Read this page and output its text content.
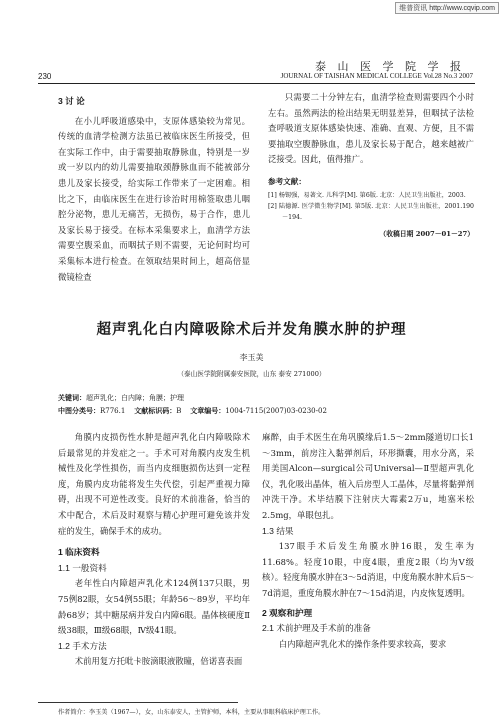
维普资讯 http://www.cqvip.com
泰 山 医 学 院 学 报
JOURNAL OF TAISHAN MEDICAL COLLEGE Vol.28 No.3 2007
230
3 讨 论

在小儿呼吸道感染中，支原体感染较为常见。传统的血清学检测方法虽已被临床医生所接受，但在实际工作中，由于需要抽取静脉血，特别是一岁或一岁以内的幼儿需要抽取颈静脉血而不能被部分患儿及家长接受，给实际工作带来了一定困难。相比之下，由临床医生在进行诊治时用棉签取患儿咽腔分泌物，患儿无痛苦，无损伤，易于合作，患儿及家长易于接受。在标本采集要求上，血清学方法需要空腹采血，而咽拭子则不需要，无论何时均可采集标本进行检查。在领取结果时间上，超高倍显微镜检查

只需要二十分钟左右，血清学检查则需要四个小时左右。虽然两法的检出结果无明显差异，但咽拭子法检查呼吸道支原体感染快速、准确、直观、方便，且不需要抽取空腹静脉血，患儿及家长易于配合，越来越被广泛接受。因此，值得推广。

参考文献：
[1] 杨锡强，易著文. 儿科学[M]. 第6版. 北京：人民卫生出版社，2003.
[2] 陆德源. 医学微生物学[M]. 第5版. 北京：人民卫生出版社，2001.190－194.
（收稿日期 2007－01－27）
超声乳化白内障吸除术后并发角膜水肿的护理
李玉美
（泰山医学院附属泰安医院，山东 泰安 271000）
关键词：超声乳化；白内障；角膜；护理
中图分类号：R776.1 文献标识码：B 文章编号：1004-7115(2007)03-0230-02

角膜内皮损伤性水肿是超声乳化白内障吸除术后最常见的并发症之一。手术可对角膜内皮发生机械性及化学性损伤，而当内皮细胞损伤达到一定程度，角膜内皮功能将发生失代偿，引起严重视力障碍，出现不可逆性改变。良好的术前准备，恰当的术中配合，术后及时观察与精心护理可避免该并发症的发生，确保手术的成功。

1 临床资料
1.1 一般资料

老年性白内障超声乳化术124例137只眼，男75例82眼，女54例55眼；年龄56～89岁，平均年龄68岁；其中糖尿病并发白内障6眼。晶体核硬度Ⅱ级38眼，Ⅲ级68眼，Ⅳ级41眼。

1.2 手术方法

术前用复方托吡卡胺滴眼液散瞳，倍诺喜表面

麻醉，由手术医生在角巩膜缘后1.5～2mm隧道切口长1～3mm，前房注入黏弹剂后，环形撕囊，用水分离，采用美国Alcon—surgical公司Universal—Ⅱ型超声乳化仪，乳化吸出晶体，植入后房型人工晶体，尽量将黏弹剂冲洗干净。术毕结膜下注射庆大霉素2万u，地塞米松2.5mg，单眼包扎。
1.3 结果

137眼手术后发生角膜水肿16眼，发生率为11.68%。轻度10眼，中度4眼，重度2眼（均为Ⅴ级核）。轻度角膜水肿在3～5d消退，中度角膜水肿术后5～7d消退，重度角膜水肿在7～15d消退，内皮恢复透明。

2 观察和护理
2.1 术前护理及手术前的准备

白内障超声乳化术的操作条件要求较高，要求

作者简介：李玉美（1967—），女，山东泰安人，主管护师，本科，主要从事眼科临床护理工作。
